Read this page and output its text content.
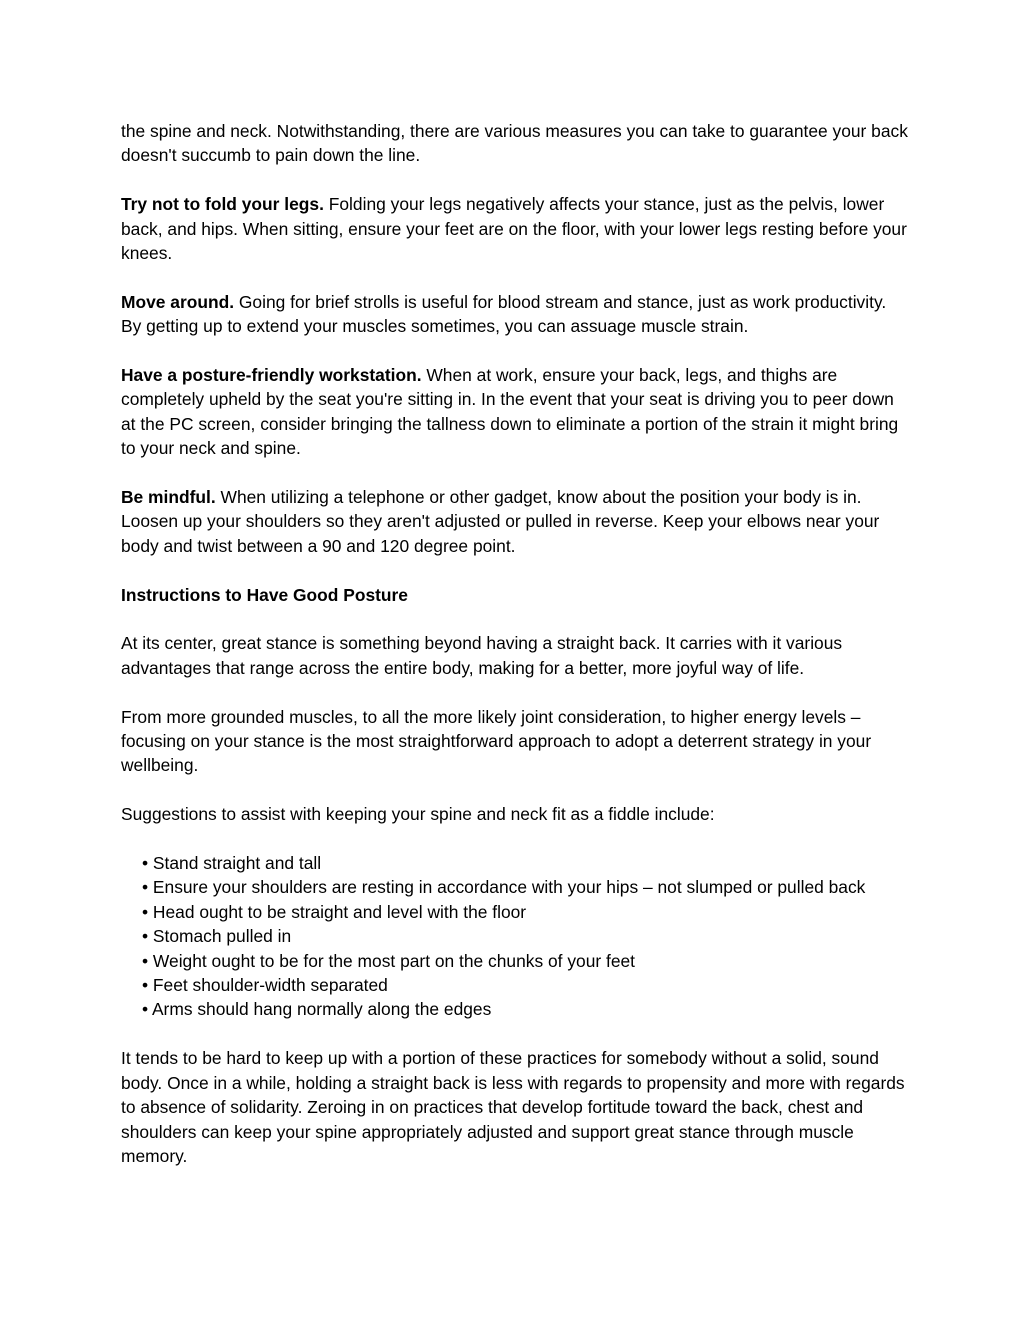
the spine and neck. Notwithstanding, there are various measures you can take to guarantee your back doesn't succumb to pain down the line.

Try not to fold your legs. Folding your legs negatively affects your stance, just as the pelvis, lower back, and hips. When sitting, ensure your feet are on the floor, with your lower legs resting before your knees.

Move around. Going for brief strolls is useful for blood stream and stance, just as work productivity. By getting up to extend your muscles sometimes, you can assuage muscle strain.

Have a posture-friendly workstation. When at work, ensure your back, legs, and thighs are completely upheld by the seat you're sitting in. In the event that your seat is driving you to peer down at the PC screen, consider bringing the tallness down to eliminate a portion of the strain it might bring to your neck and spine.

Be mindful. When utilizing a telephone or other gadget, know about the position your body is in. Loosen up your shoulders so they aren't adjusted or pulled in reverse. Keep your elbows near your body and twist between a 90 and 120 degree point.

Instructions to Have Good Posture

At its center, great stance is something beyond having a straight back. It carries with it various advantages that range across the entire body, making for a better, more joyful way of life.

From more grounded muscles, to all the more likely joint consideration, to higher energy levels – focusing on your stance is the most straightforward approach to adopt a deterrent strategy in your wellbeing.

Suggestions to assist with keeping your spine and neck fit as a fiddle include:

• Stand straight and tall
• Ensure your shoulders are resting in accordance with your hips – not slumped or pulled back
• Head ought to be straight and level with the floor
• Stomach pulled in
• Weight ought to be for the most part on the chunks of your feet
• Feet shoulder-width separated
• Arms should hang normally along the edges

It tends to be hard to keep up with a portion of these practices for somebody without a solid, sound body. Once in a while, holding a straight back is less with regards to propensity and more with regards to absence of solidarity. Zeroing in on practices that develop fortitude toward the back, chest and shoulders can keep your spine appropriately adjusted and support great stance through muscle memory.
